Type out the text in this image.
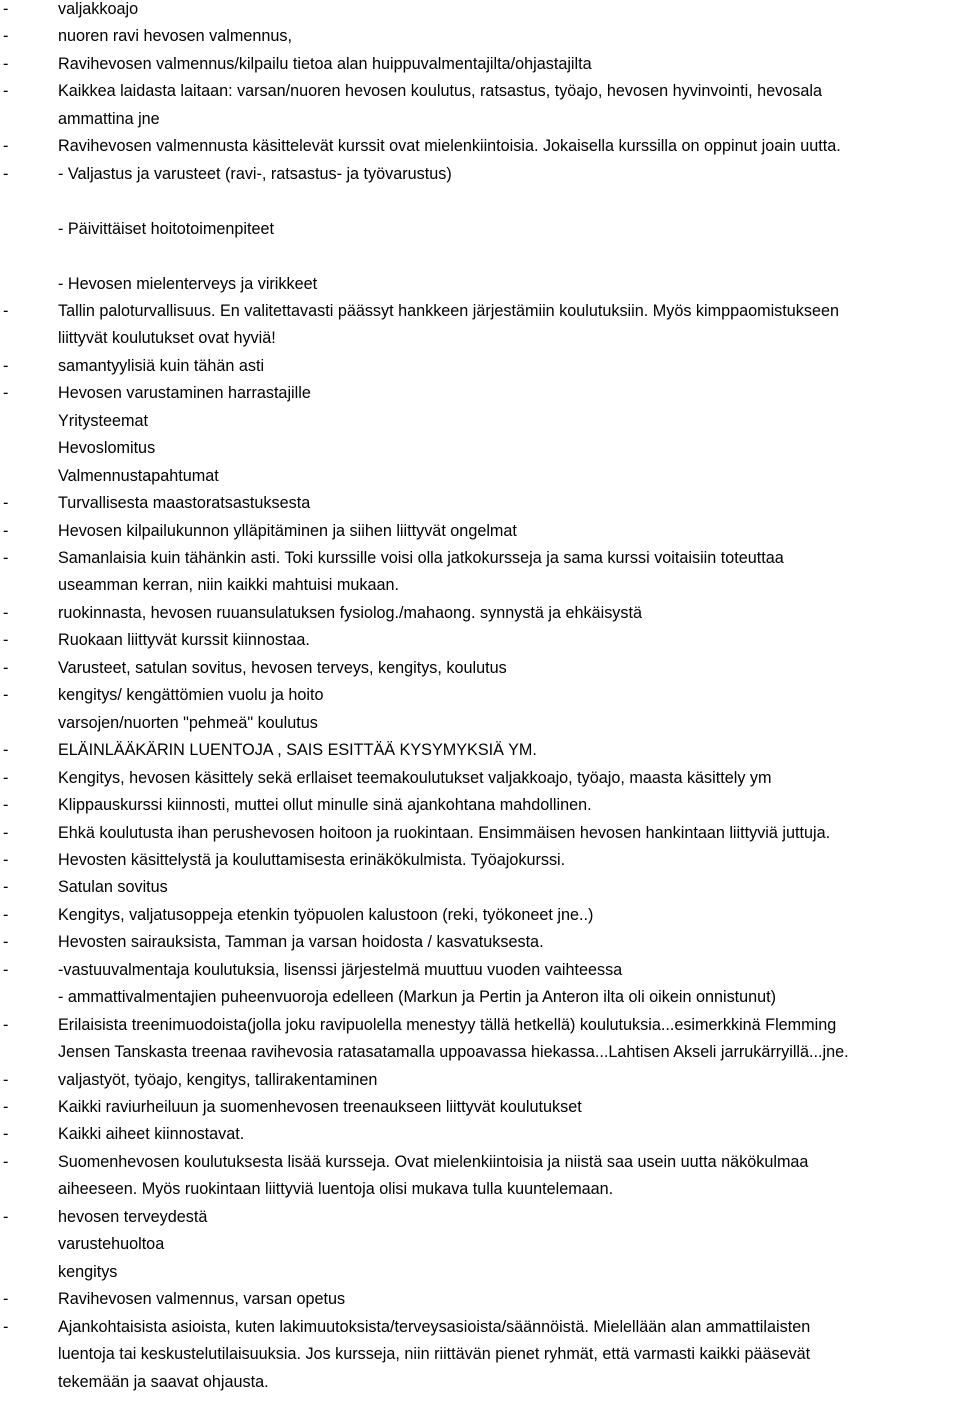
-	valjakkoajo
-	nuoren ravi hevosen valmennus,
-	Ravihevosen valmennus/kilpailu tietoa alan huippuvalmentajilta/ohjastajilta
-	Kaikkea laidasta laitaan: varsan/nuoren hevosen koulutus, ratsastus, työajo, hevosen hyvinvointi, hevosala
ammattina jne
-	Ravihevosen valmennusta käsittelevät kurssit ovat mielenkiintoisia. Jokaisella kurssilla on oppinut joain uutta.
-	- Valjastus ja varusteet (ravi-, ratsastus- ja työvarustus)
- Päivittäiset hoitotoimenpiteet
- Hevosen mielenterveys ja virikkeet
-	Tallin paloturvallisuus. En valitettavasti päässyt hankkeen järjestämiin koulutuksiin. Myös kimppaomistukseen
liittyvät koulutukset ovat hyviä!
-	samantyylisiä kuin tähän asti
-	Hevosen varustaminen harrastajille
Yritysteemat
Hevoslomitus
Valmennustapahtumat
-	Turvallisesta maastoratsastuksesta
-	Hevosen kilpailukunnon ylläpitäminen ja siihen liittyvät ongelmat
-	Samanlaisia kuin tähänkin asti. Toki kurssille voisi olla jatkokursseja ja sama kurssi voitaisiin toteuttaa
useamman kerran, niin kaikki mahtuisi mukaan.
-	ruokinnasta, hevosen ruuansulatuksen fysiolog./mahaong. synnystä ja ehkäisystä
-	Ruokaan liittyvät kurssit kiinnostaa.
-	Varusteet, satulan sovitus, hevosen terveys, kengitys, koulutus
-	kengitys/ kengättömien vuolu ja hoito
varsojen/nuorten "pehmeä" koulutus
-	ELÄINLÄÄKÄRIN LUENTOJA , SAIS ESITTÄÄ KYSYMYKSIÄ YM.
-	Kengitys, hevosen käsittely sekä erllaiset teemakoulutukset valjakkoajo, työajo, maasta käsittely ym
-	Klippauskurssi kiinnosti, muttei ollut minulle sinä ajankohtana mahdollinen.
-	Ehkä koulutusta ihan perushevosen hoitoon ja ruokintaan. Ensimmäisen hevosen hankintaan liittyviä juttuja.
-	Hevosten käsittelystä ja kouluttamisesta erinäkökulmista. Työajokurssi.
-	Satulan sovitus
-	Kengitys, valjatusoppeja etenkin työpuolen kalustoon (reki, työkoneet jne..)
-	Hevosten sairauksista, Tamman ja varsan hoidosta / kasvatuksesta.
-	-vastuuvalmentaja koulutuksia, lisenssi järjestelmä muuttuu vuoden vaihteessa
- ammattivalmentajien puheenvuoroja edelleen (Markun ja Pertin ja Anteron ilta oli oikein onnistunut)
-	Erilaisista treenimuodoista(jolla joku ravipuolella menestyy tällä hetkellä) koulutuksia...esimerkkinä Flemming
Jensen Tanskasta treenaa ravihevosia ratasatamalla uppoavassa hiekassa...Lahtisen Akseli jarrukärryillä...jne.
-	valjastyöt, työajo, kengitys, tallirakentaminen
-	Kaikki raviurheiluun ja suomenhevosen treenaukseen liittyvät koulutukset
-	Kaikki aiheet kiinnostavat.
-	Suomenhevosen koulutuksesta lisää kursseja. Ovat mielenkiintoisia ja niistä saa usein uutta näkökulmaa
aiheeseen. Myös ruokintaan liittyviä luentoja olisi mukava tulla kuuntelemaan.
-	hevosen terveydestä
varustehuoltoa
kengitys
-	Ravihevosen valmennus, varsan opetus
-	Ajankohtaisista asioista, kuten lakimuutoksista/terveysasioista/säännöistä. Mielellään alan ammattilaisten
luentoja tai keskustelutilaisuuksia. Jos kursseja, niin riittävän pienet ryhmät, että varmasti kaikki pääsevät
tekemään ja saavat ohjausta.
